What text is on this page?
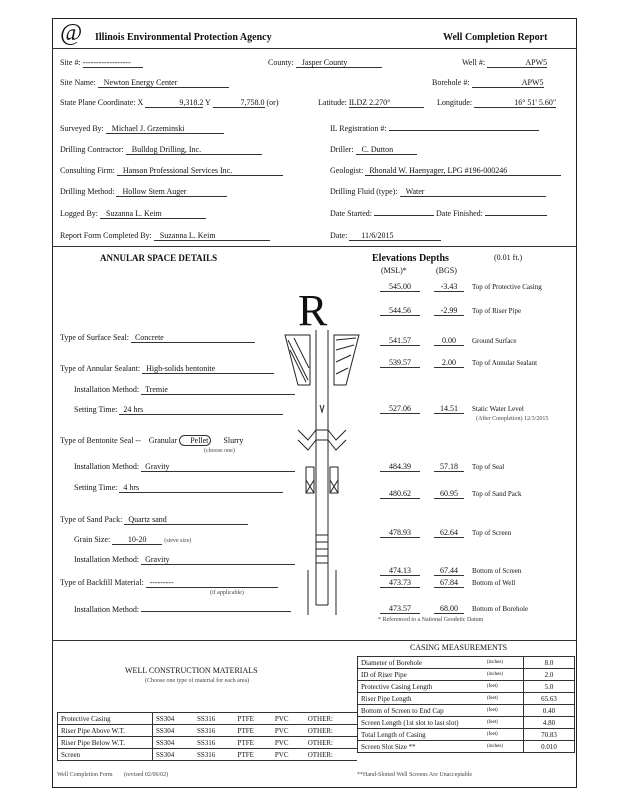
@ Illinois Environmental Protection Agency	Well Completion Report
Site #: ------------------	County: Jasper County	Well #:	APW5
Site Name: Newton Energy Center	Borehole #:	APW5
State Plane Coordinate: X	9,318.2 Y	7,758.0 (or)	Latitude: ILDZ 2.270°	Longitude:	16° 51' 5.60"
Surveyed By: Michael J. Grzeminski	IL Registration #:
Drilling Contractor: Bulldog Drilling, Inc.	Driller: C. Dutton
Consulting Firm: Hanson Professional Services Inc.	Geologist: Rhonald W. Haenyager, LPG #196-000246
Drilling Method: Hollow Stem Auger	Drilling Fluid (type): Water
Logged By: Suzanna L. Keim	Date Started:	Date Finished:
Report Form Completed By: Suzanna L. Keim	Date: 11/6/2015
ANNULAR SPACE DETAILS	Elevations Depths	(0.01 ft.)
(MSL)*	(BGS)
R	545.00	-3.43 Top of Protective Casing
544.56	-2.99 Top of Riser Pipe
541.57	0.00 Ground Surface
539.57	2.00 Top of Annular Sealant
527.06	14.51 Static Water Level
(After Completion) 12/3/2015
484.39	57.18 Top of Seal
480.62	60.95 Top of Sand Pack
478.93	62.64 Top of Screen
474.13	67.44 Bottom of Screen
473.73	67.84 Bottom of Well
473.57	68.00 Bottom of Borehole
Type of Surface Seal: Concrete
Type of Annular Sealant: High-solids bentonite
Installation Method: Tremie
Setting Time: 24 hrs
Type of Bentonite Seal -- Granular Pellet Slurry
(choose one)
Installation Method: Gravity
Setting Time: 4 hrs
Type of Sand Pack: Quartz sand
Grain Size: 10-20	(sieve size)
Installation Method: Gravity
Type of Backfill Material: ---------
(if applicable)
Installation Method:
* Referenced to a National Geodetic Datum
WELL CONSTRUCTION MATERIALS
(Choose one type of material for each area)
Protective Casing	SS304	SS316	PTFE	PVC	OTHER:
Riser Pipe Above W.T.	SS304	SS316	PTFE	PVC	OTHER:
Riser Pipe Below W.T.	SS304	SS316	PTFE	PVC	OTHER:
Screen	SS304	SS316	PTFE	PVC	OTHER:
CASING MEASUREMENTS
Diameter of Borehole	(inches)	8.0
ID of Riser Pipe	(inches)	2.0
Protective Casing Length	(feet)	5.0
Riser Pipe Length	(feet)	65.63
Bottom of Screen to End Cap	(feet)	0.40
Screen Length (1st slot to last slot)	(feet)	4.80
Total Length of Casing	(feet)	70.83
Screen Slot Size **	(inches)	0.010
**Hand-Slotted Well Screens Are Unacceptable
Well Completion Form (revised 02/06/02)
